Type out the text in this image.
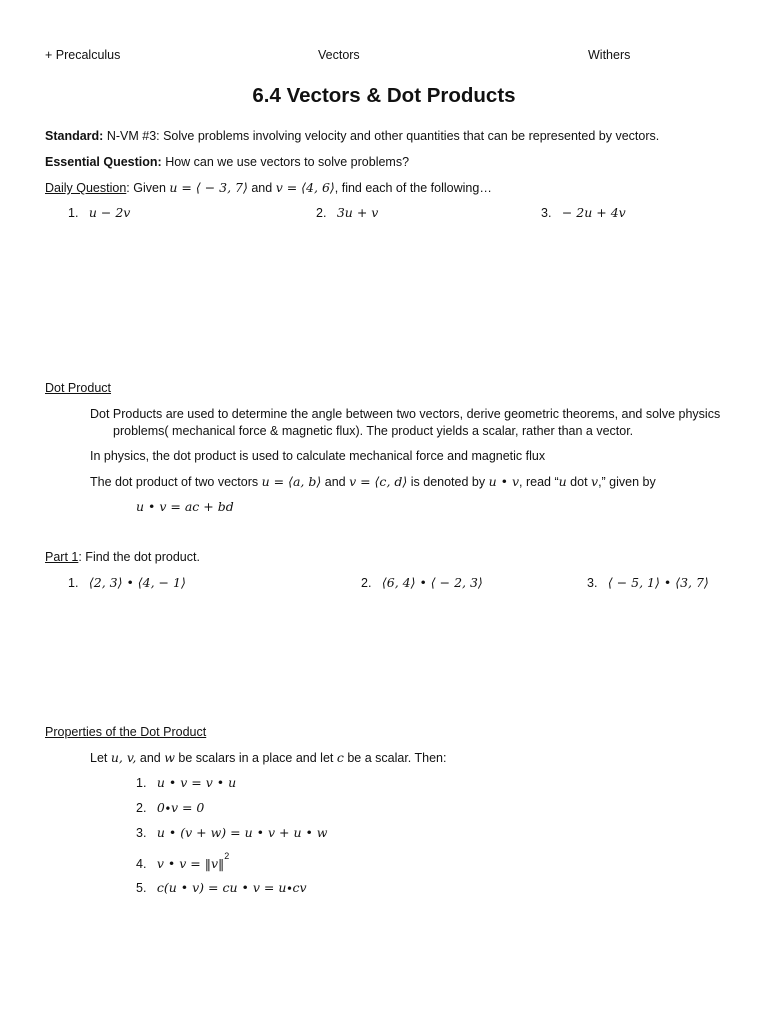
+ Precalculus	Vectors	Withers
6.4 Vectors & Dot Products
Standard: N-VM #3: Solve problems involving velocity and other quantities that can be represented by vectors.
Essential Question: How can we use vectors to solve problems?
Daily Question: Given u = ⟨ − 3, 7⟩ and v = ⟨4, 6⟩, find each of the following…
1. u − 2v	2. 3u + v	3. − 2u + 4v
Dot Product
Dot Products are used to determine the angle between two vectors, derive geometric theorems, and solve physics problems( mechanical force & magnetic flux). The product yields a scalar, rather than a vector.
In physics, the dot product is used to calculate mechanical force and magnetic flux
The dot product of two vectors u = ⟨a, b⟩ and v = ⟨c, d⟩ is denoted by u • v, read “u dot v,” given by
u • v = ac + bd
Part 1: Find the dot product.
1. ⟨2, 3⟩ • ⟨4, − 1⟩	2. ⟨6, 4⟩ • ⟨ − 2, 3⟩	3. ⟨ − 5, 1⟩ • ⟨3, 7⟩
Properties of the Dot Product
Let u, v, and w be scalars in a place and let c be a scalar. Then:
1. u • v = v • u
2. 0∙v = 0
3. u • (v + w) = u • v + u • w
4. v • v = ‖v‖$^2$
5. c(u • v) = cu • v = u∙cv
